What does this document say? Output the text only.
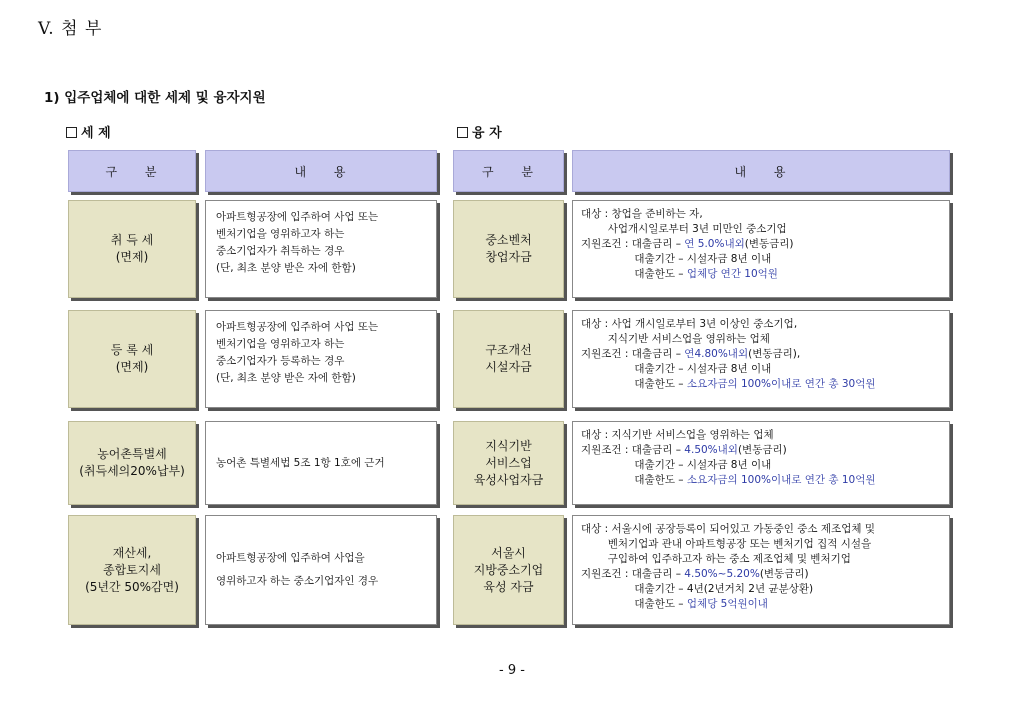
V. 첨 부
1) 입주업체에 대한 세제 및 융자지원
세 제
구 분	내 용
취 득 세
(면제)
아파트형공장에 입주하여 사업 또는
벤처기업을 영위하고자 하는
중소기업자가 취득하는 경우
(단, 최초 분양 받은 자에 한함)
등 록 세
(면제)
아파트형공장에 입주하여 사업 또는
벤처기업을 영위하고자 하는
중소기업자가 등록하는 경우
(단, 최초 분양 받은 자에 한함)
농어촌특별세
(취득세의20%납부)
농어촌 특별세법 5조 1항 1호에 근거
재산세,
종합토지세
(5년간 50%감면)
아파트형공장에 입주하여 사업을
영위하고자 하는 중소기업자인 경우
융 자
구 분	내 용
중소벤처
창업자금
대상 : 창업을 준비하는 자,
사업개시일로부터 3년 미만인 중소기업
지원조건 : 대출금리 – 연 5.0%내외(변동금리)
대출기간 – 시설자금 8년 이내
대출한도 – 업체당 연간 10억원
구조개선
시설자금
대상 : 사업 개시일로부터 3년 이상인 중소기업,
지식기반 서비스업을 영위하는 업체
지원조건 : 대출금리 – 연4.80%내외(변동금리),
대출기간 – 시설자금 8년 이내
대출한도 – 소요자금의 100%이내로 연간 총 30억원
지식기반
서비스업
육성사업자금
대상 : 지식기반 서비스업을 영위하는 업체
지원조건 : 대출금리 – 4.50%내외(변동금리)
대출기간 – 시설자금 8년 이내
대출한도 – 소요자금의 100%이내로 연간 총 10억원
서울시
지방중소기업
육성 자금
대상 : 서울시에 공장등록이 되어있고 가동중인 중소 제조업체 및
벤처기업과 관내 아파트형공장 또는 벤처기업 집적 시설을
구입하여 입주하고자 하는 중소 제조업체 및 벤처기업
지원조건 : 대출금리 – 4.50%~5.20%(변동금리)
대출기간 – 4년(2년거치 2년 균분상환)
대출한도 – 업체당 5억원이내
- 9 -
